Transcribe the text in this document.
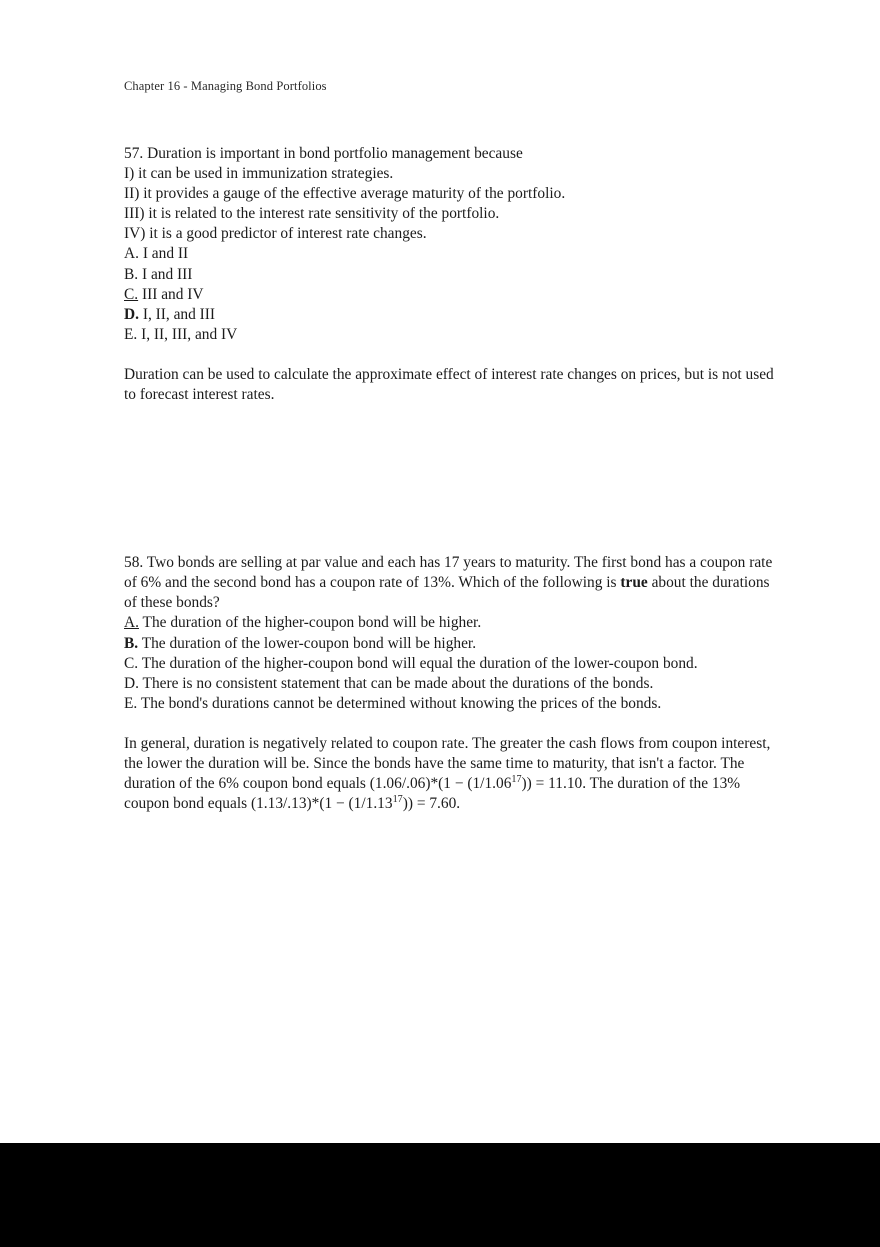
Chapter 16 - Managing Bond Portfolios
57. Duration is important in bond portfolio management because
I) it can be used in immunization strategies.
II) it provides a gauge of the effective average maturity of the portfolio.
III) it is related to the interest rate sensitivity of the portfolio.
IV) it is a good predictor of interest rate changes.
A. I and II
B. I and III
C. III and IV
D. I, II, and III
E. I, II, III, and IV

Duration can be used to calculate the approximate effect of interest rate changes on prices, but is not used to forecast interest rates.

58. Two bonds are selling at par value and each has 17 years to maturity. The first bond has a coupon rate of 6% and the second bond has a coupon rate of 13%. Which of the following is true about the durations of these bonds?

A. The duration of the higher-coupon bond will be higher.
B. The duration of the lower-coupon bond will be higher.
C. The duration of the higher-coupon bond will equal the duration of the lower-coupon bond.
D. There is no consistent statement that can be made about the durations of the bonds.
E. The bond's durations cannot be determined without knowing the prices of the bonds.

In general, duration is negatively related to coupon rate. The greater the cash flows from coupon interest, the lower the duration will be. Since the bonds have the same time to maturity, that isn't a factor. The duration of the 6% coupon bond equals $(1.06/.06)*(1 - (1/1.06^{17})) = 11.10$. The duration of the 13% coupon bond equals $(1.13/.13)*(1 - (1/1.13^{17})) = 7.60$.
